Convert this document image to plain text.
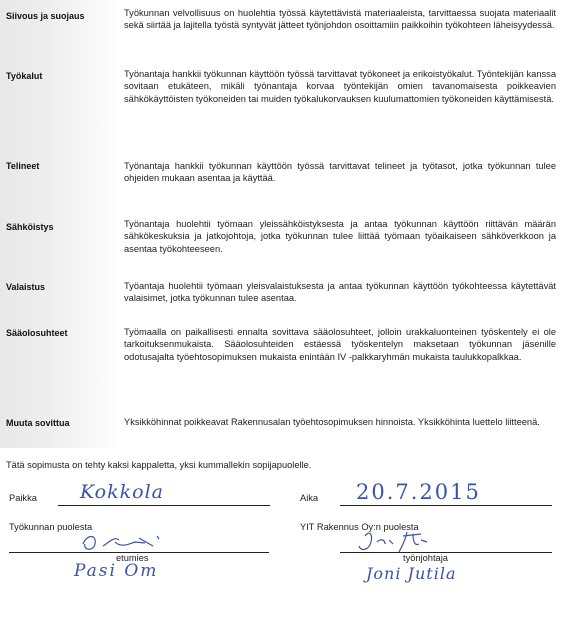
Siivous ja suojaus	Työkunnan velvollisuus on huolehtia työssä käytettävistä materiaaleista, tarvittaessa suojata materiaalit sekä siirtää ja lajitella työstä syntyvät jätteet työnjohdon osoittamiin paikkoihin työkohteen läheisyydessä.
Työkalut	Työnantaja hankkii työkunnan käyttöön työssä tarvittavat työkoneet ja erikoistyökalut. Työntekijän kanssa sovitaan etukäteen, mikäli työnantaja korvaa työntekijän omien tavanomaisesta poikkeavien sähkökäyttöisten työkoneiden tai muiden työkalukorvauksen kuulumattomien työkoneiden käyttämisestä.
Telineet	Työnantaja hankkii työkunnan käyttöön työssä tarvittavat telineet ja työtasot, jotka työkunnan tulee ohjeiden mukaan asentaa ja käyttää.
Sähköistys	Työnantaja huolehtii työmaan yleissähköistyksesta ja antaa työkunnan käyttöön riittävän määrän sähkökeskuksia ja jatkojohtoja, jotka työkunnan tulee liittää työmaan työaikaiseen sähköverkkoon ja asentaa työkohteeseen.
Valaistus	Työantaja huolehtii työmaan yleisvalaistuksesta ja antaa työkunnan käyttöön työkohteessa käytettävät valaisimet, jotka työkunnan tulee asentaa.
Sääolosuhteet	Työmaalla on paikallisesti ennalta sovittava sääolosuhteet, jolloin urakkaluonteinen työskentely ei ole tarkoituksenmukaista. Sääolosuhteiden estäessä työskentelyn maksetaan työkunnan jäsenille odotusajalta työehtosopimuksen mukaista enintään IV -palkkaryhmän mukaista taulukkopalkkaa.
Muuta sovittua	Yksikköhinnat poikkeavat Rakennusalan työehtosopimuksen hinnoista. Yksikköhinta luettelo liitteenä.
Tätä sopimusta on tehty kaksi kappaletta, yksi kummallekin sopijapuolelle.
Paikka Kokkola	Aika 20.7.2015
Työkunnan puolesta
etumies
Pasi Om
YIT Rakennus Oy:n puolesta
työnjohtaja
Joni Jutila
